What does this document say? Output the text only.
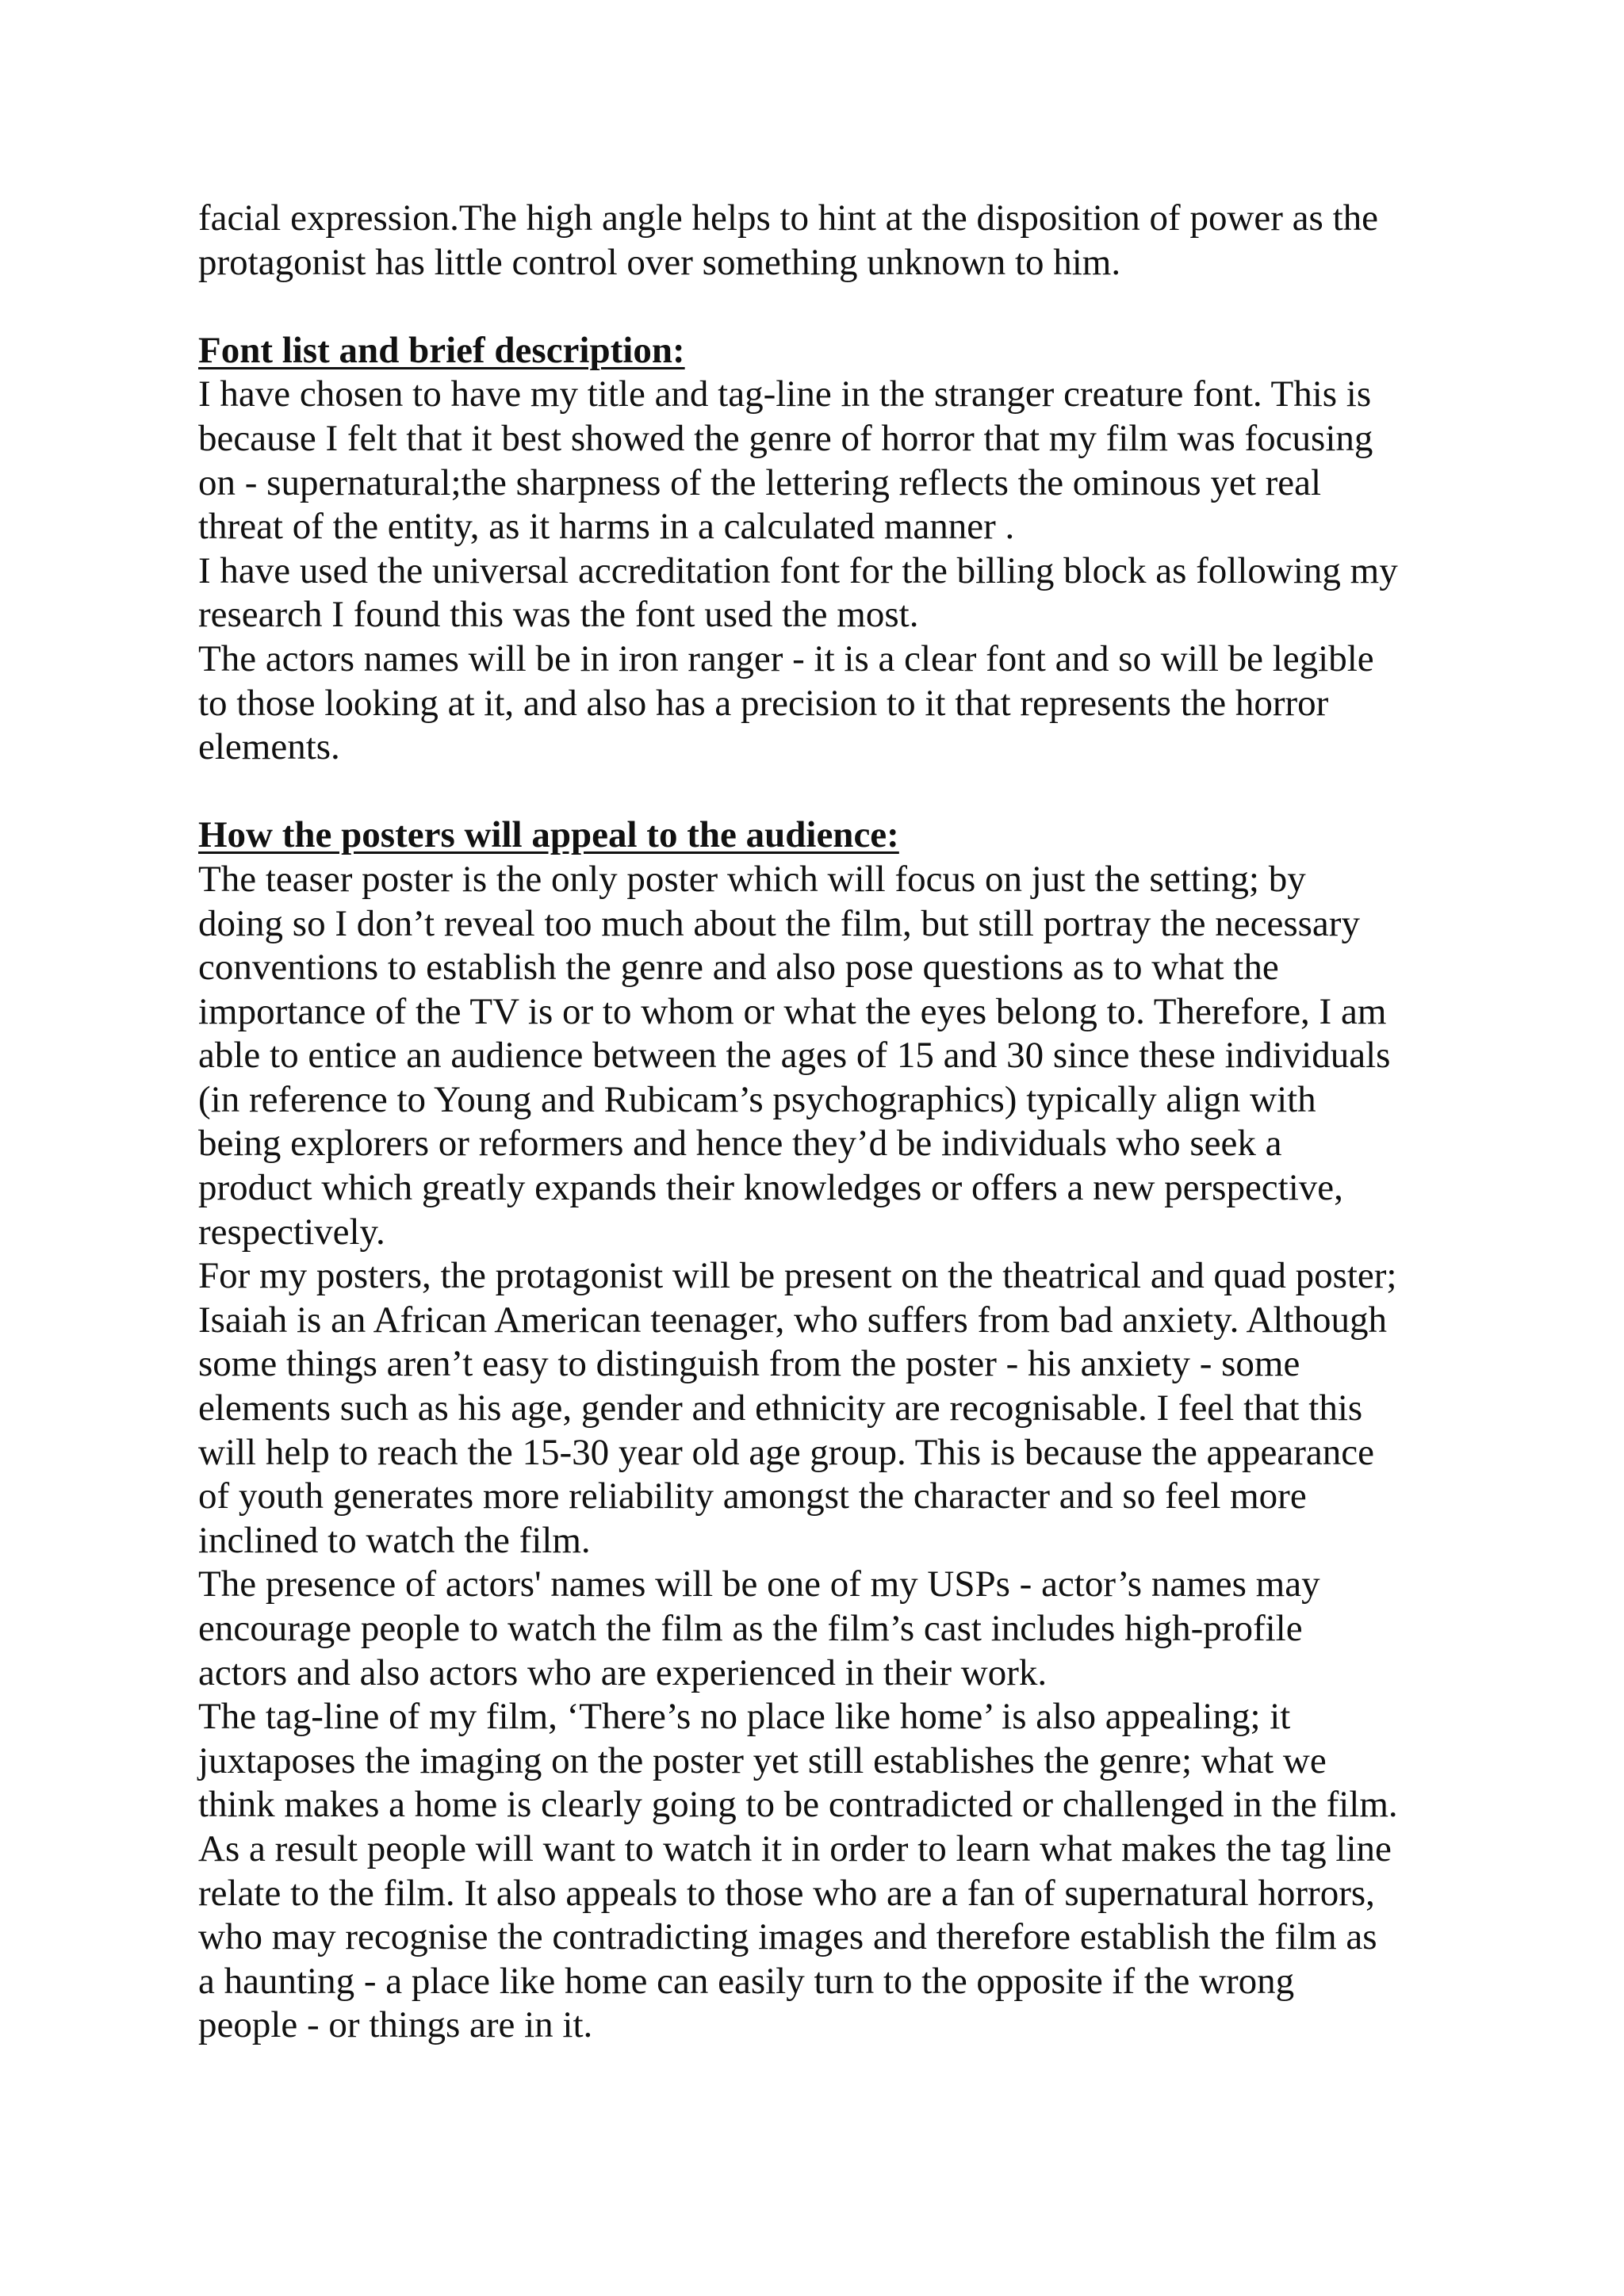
facial expression.The high angle helps to hint at the disposition of power as the
protagonist has little control over something unknown to him.

Font list and brief description:

I have chosen to have my title and tag-line in the stranger creature font. This is
because I felt that it best showed the genre of horror that my film was focusing
on - supernatural;the sharpness of the lettering reflects the ominous yet real
threat of the entity, as it harms in a calculated manner .

I have used the universal accreditation font for the billing block as following my
research I found this was the font used the most.

The actors names will be in iron ranger - it is a clear font and so will be legible
to those looking at it, and also has a precision to it that represents the horror
elements.

How the posters will appeal to the audience:

The teaser poster is the only poster which will focus on just the setting; by
doing so I don’t reveal too much about the film, but still portray the necessary
conventions to establish the genre and also pose questions as to what the
importance of the TV is or to whom or what the eyes belong to. Therefore, I am
able to entice an audience between the ages of 15 and 30 since these individuals
(in reference to Young and Rubicam’s psychographics) typically align with
being explorers or reformers and hence they’d be individuals who seek a
product which greatly expands their knowledges or offers a new perspective,
respectively.

For my posters, the protagonist will be present on the theatrical and quad poster;
Isaiah is an African American teenager, who suffers from bad anxiety. Although
some things aren’t easy to distinguish from the poster - his anxiety - some
elements such as his age, gender and ethnicity are recognisable. I feel that this
will help to reach the 15-30 year old age group. This is because the appearance
of youth generates more reliability amongst the character and so feel more
inclined to watch the film.

The presence of actors' names will be one of my USPs - actor’s names may
encourage people to watch the film as the film’s cast includes high-profile
actors and also actors who are experienced in their work.

The tag-line of my film, ‘There’s no place like home’ is also appealing; it
juxtaposes the imaging on the poster yet still establishes the genre; what we
think makes a home is clearly going to be contradicted or challenged in the film.
As a result people will want to watch it in order to learn what makes the tag line
relate to the film. It also appeals to those who are a fan of supernatural horrors,
who may recognise the contradicting images and therefore establish the film as
a haunting - a place like home can easily turn to the opposite if the wrong
people - or things are in it.
